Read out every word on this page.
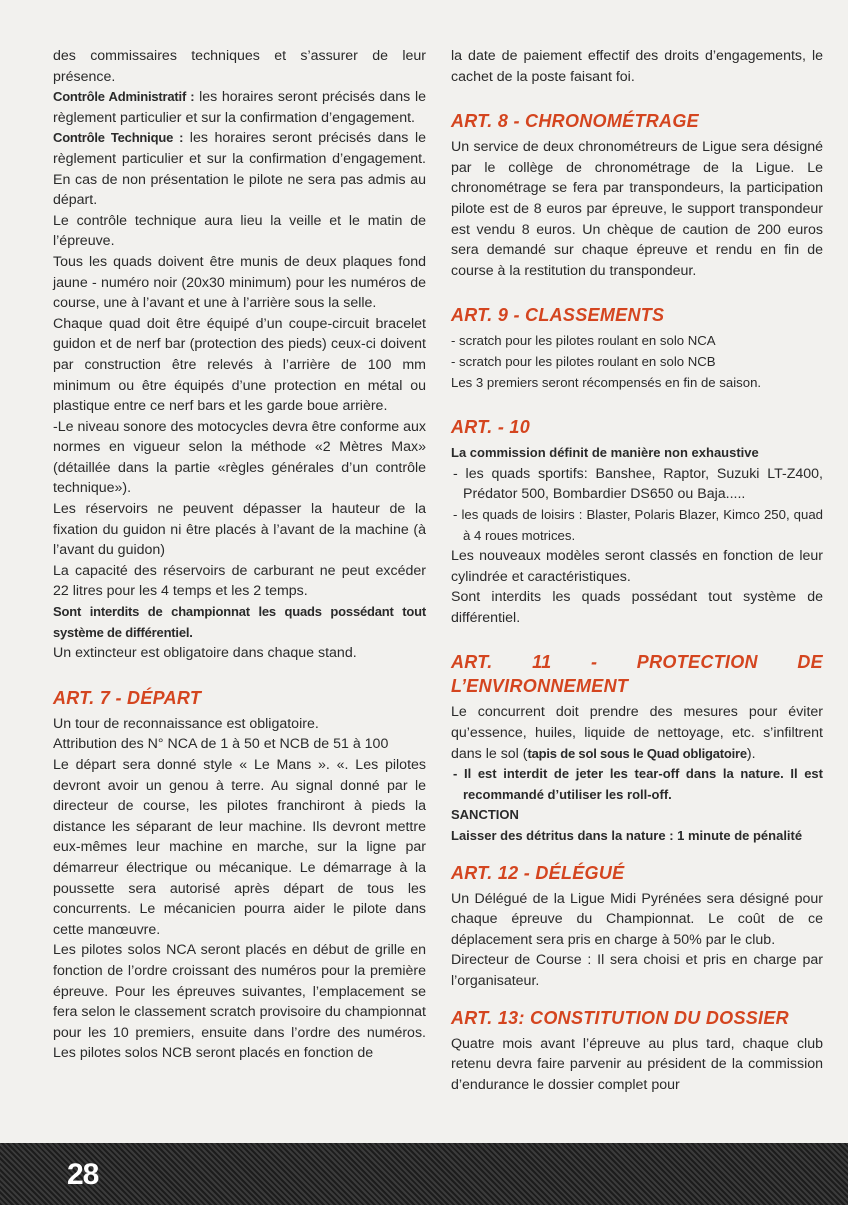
des commissaires techniques et s’assurer de leur présence.

Contrôle Administratif : les horaires seront précisés dans le règlement particulier et sur la confirmation d’engagement.

Contrôle Technique : les horaires seront précisés dans le règlement particulier et sur la confirmation d’engagement. En cas de non présentation le pilote ne sera pas admis au départ.

Le contrôle technique aura lieu la veille et le matin de l’épreuve.

Tous les quads doivent être munis de deux plaques fond jaune - numéro noir (20x30 minimum) pour les numéros de course, une à l’avant et une à l’arrière sous la selle.

Chaque quad doit être équipé d’un coupe-circuit bracelet guidon et de nerf bar (protection des pieds) ceux-ci doivent par construction être relevés à l’arrière de 100 mm minimum ou être équipés d’une protection en métal ou plastique entre ce nerf bars et les garde boue arrière.

-Le niveau sonore des motocycles devra être conforme aux normes en vigueur selon la méthode «2 Mètres Max» (détaillée dans la partie «règles générales d’un contrôle technique»).

Les réservoirs ne peuvent dépasser la hauteur de la fixation du guidon ni être placés à l’avant de la machine (à l’avant du guidon)

La capacité des réservoirs de carburant ne peut excéder 22 litres pour les 4 temps et les 2 temps.

Sont interdits de championnat les quads possédant tout système de différentiel.

Un extincteur est obligatoire dans chaque stand.

ART. 7 - DÉPART

Un tour de reconnaissance est obligatoire.

Attribution des N° NCA de 1 à 50 et NCB de 51 à 100

Le départ sera donné style « Le Mans ». «. Les pilotes devront avoir un genou à terre. Au signal donné par le directeur de course, les pilotes franchiront à pieds la distance les séparant de leur machine. Ils devront mettre eux-mêmes leur machine en marche, sur la ligne par démarreur électrique ou mécanique. Le démarrage à la poussette sera autorisé après départ de tous les concurrents. Le mécanicien pourra aider le pilote dans cette manœuvre.

Les pilotes solos NCA seront placés en début de grille en fonction de l’ordre croissant des numéros pour la première épreuve. Pour les épreuves suivantes, l’emplacement se fera selon le classement scratch provisoire du championnat pour les 10 premiers, ensuite dans l’ordre des numéros. Les pilotes solos NCB seront placés en fonction de

la date de paiement effectif des droits d’engagements, le cachet de la poste faisant foi.

ART. 8 - CHRONOMÉTRAGE

Un service de deux chronométreurs de Ligue sera désigné par le collège de chronométrage de la Ligue. Le chronométrage se fera par transpondeurs, la participation pilote est de 8 euros par épreuve, le support transpondeur est vendu 8 euros. Un chèque de caution de 200 euros sera demandé sur chaque épreuve et rendu en fin de course à la restitution du transpondeur.

ART. 9 - CLASSEMENTS

- scratch pour les pilotes roulant en solo NCA

- scratch pour les pilotes roulant en solo NCB

Les 3 premiers seront récompensés en fin de saison.

ART. - 10

La commission définit de manière non exhaustive

- les quads sportifs: Banshee, Raptor, Suzuki LT-Z400, Prédator 500, Bombardier DS650 ou Baja.....

- les quads de loisirs : Blaster, Polaris Blazer, Kimco 250, quad à 4 roues motrices.

Les nouveaux modèles seront classés en fonction de leur cylindrée et caractéristiques.

Sont interdits les quads possédant tout système de différentiel.

ART. 11 - PROTECTION DE L’ENVIRONNEMENT

Le concurrent doit prendre des mesures pour éviter qu’essence, huiles, liquide de nettoyage, etc. s’infiltrent dans le sol (tapis de sol sous le Quad obligatoire).

- Il est interdit de jeter les tear-off dans la nature. Il est recommandé d’utiliser les roll-off.

SANCTION

Laisser des détritus dans la nature : 1 minute de pénalité

ART. 12 - DÉLÉGUÉ

Un Délégué de la Ligue Midi Pyrénées sera désigné pour chaque épreuve du Championnat. Le coût de ce déplacement sera pris en charge à 50% par le club.

Directeur de Course : Il sera choisi et pris en charge par l’organisateur.

ART. 13: CONSTITUTION DU DOSSIER

Quatre mois avant l’épreuve au plus tard, chaque club retenu devra faire parvenir au président de la commission d’endurance le dossier complet pour

28
